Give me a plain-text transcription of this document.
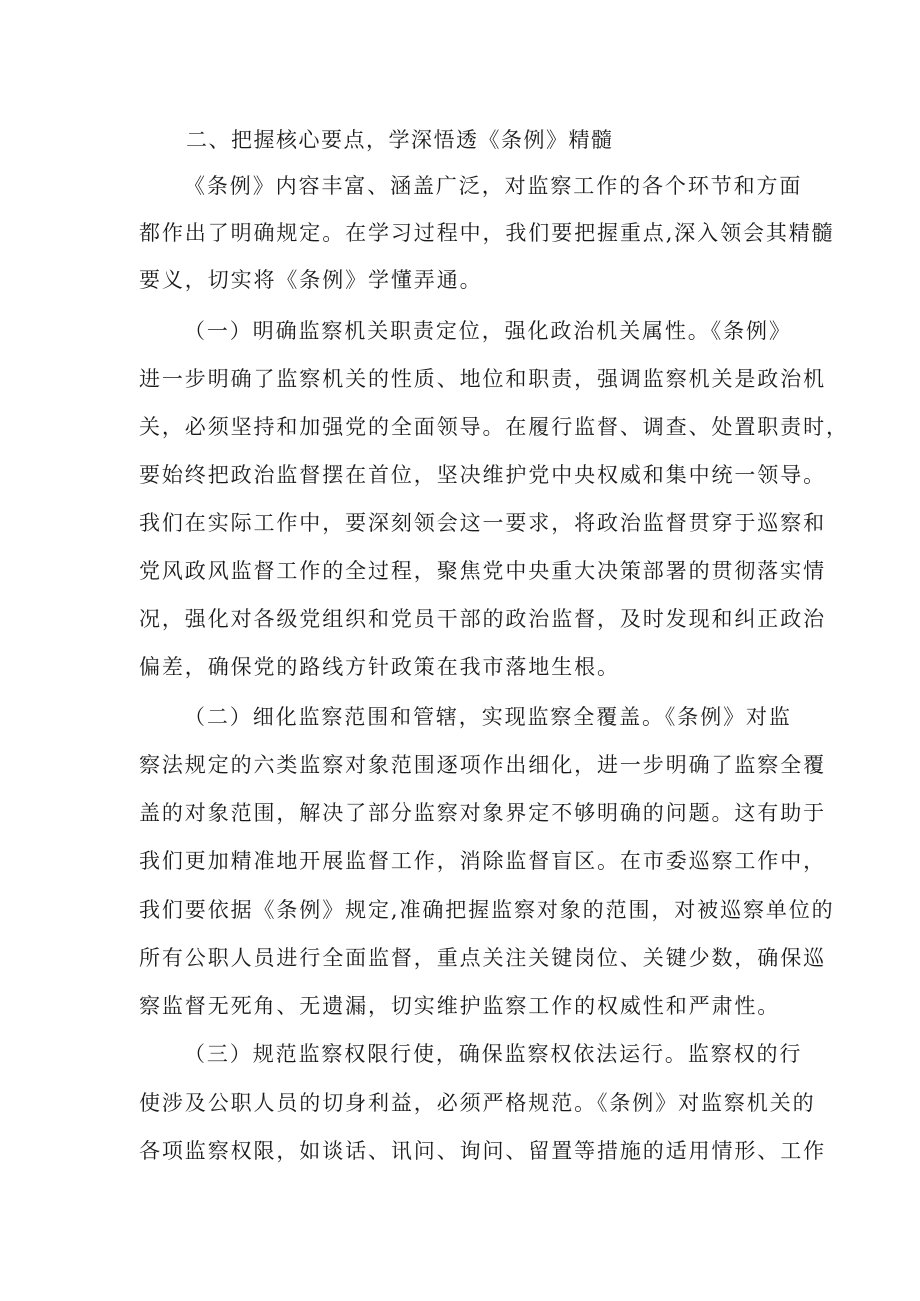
二、把握核心要点，学深悟透《条例》精髓
《条例》内容丰富、涵盖广泛，对监察工作的各个环节和方面
都作出了明确规定。在学习过程中，我们要把握重点,深入领会其精髓
要义，切实将《条例》学懂弄通。
（一）明确监察机关职责定位，强化政治机关属性。《条例》
进一步明确了监察机关的性质、地位和职责，强调监察机关是政治机
关，必须坚持和加强党的全面领导。在履行监督、调查、处置职责时，
要始终把政治监督摆在首位，坚决维护党中央权威和集中统一领导。
我们在实际工作中，要深刻领会这一要求，将政治监督贯穿于巡察和
党风政风监督工作的全过程，聚焦党中央重大决策部署的贯彻落实情
况，强化对各级党组织和党员干部的政治监督，及时发现和纠正政治
偏差，确保党的路线方针政策在我市落地生根。
（二）细化监察范围和管辖，实现监察全覆盖。《条例》对监
察法规定的六类监察对象范围逐项作出细化，进一步明确了监察全覆
盖的对象范围，解决了部分监察对象界定不够明确的问题。这有助于
我们更加精准地开展监督工作，消除监督盲区。在市委巡察工作中，
我们要依据《条例》规定,准确把握监察对象的范围，对被巡察单位的
所有公职人员进行全面监督，重点关注关键岗位、关键少数，确保巡
察监督无死角、无遗漏，切实维护监察工作的权威性和严肃性。
（三）规范监察权限行使，确保监察权依法运行。监察权的行
使涉及公职人员的切身利益，必须严格规范。《条例》对监察机关的
各项监察权限，如谈话、讯问、询问、留置等措施的适用情形、工作
